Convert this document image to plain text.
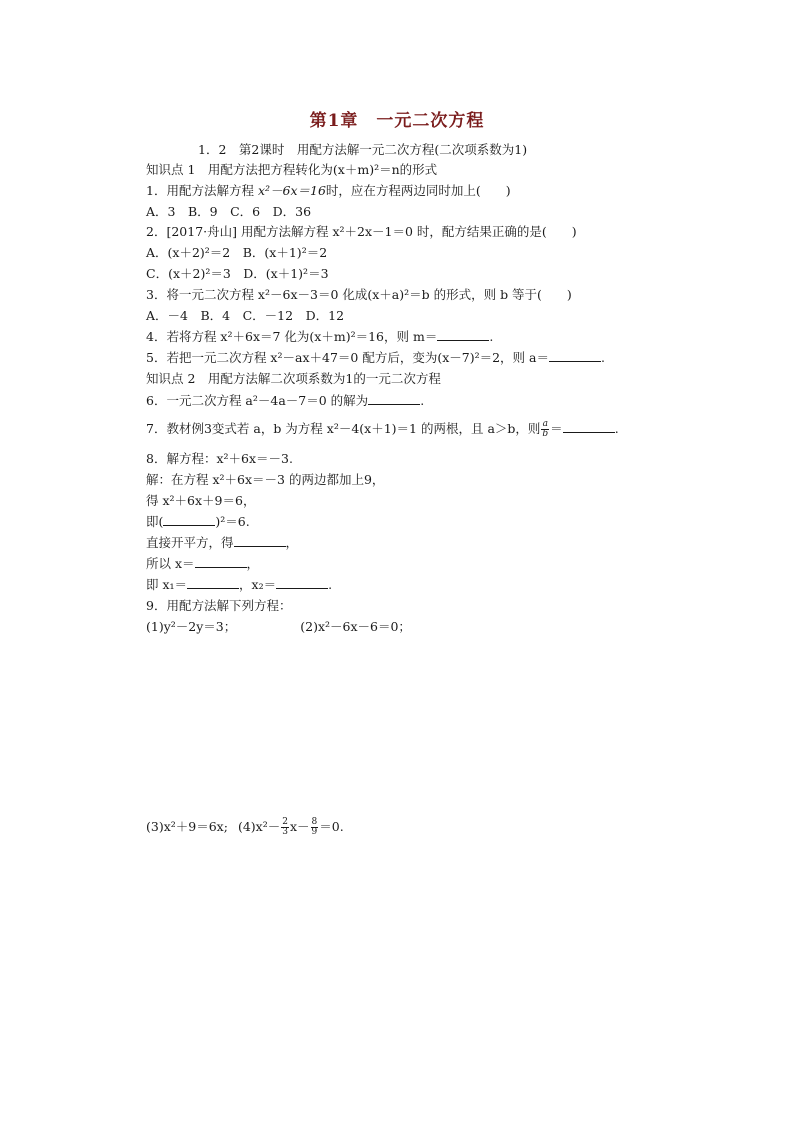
第1章　一元二次方程
1．2　第2课时　用配方法解一元二次方程(二次项系数为1)
知识点 1　用配方法把方程转化为(x＋m)²＝n的形式
1．用配方法解方程 x²－6x＝16时，应在方程两边同时加上(　　)
A．3　B．9　C．6　D．36
2．[2017·舟山] 用配方法解方程 x²＋2x－1＝0 时，配方结果正确的是(　　)
A．(x＋2)²＝2　B．(x＋1)²＝2
C．(x＋2)²＝3　D．(x＋1)²＝3
3．将一元二次方程 x²－6x－3＝0 化成(x＋a)²＝b 的形式，则 b 等于(　　)
A．－4　B．4　C．－12　D．12
4．若将方程 x²＋6x＝7 化为(x＋m)²＝16，则 m＝	.
5．若把一元二次方程 x²－ax＋47＝0 配方后，变为(x－7)²＝2，则 a＝	.
知识点 2　用配方法解二次项系数为1的一元二次方程
6．一元二次方程 a²－4a－7＝0 的解为	.
7．教材例3变式若 a，b 为方程 x²－4(x＋1)＝1 的两根，且 a＞b，则 $\frac{a}{b}$ ＝	.
8．解方程：x²＋6x＝－3.
解：在方程 x²＋6x＝－3 的两边都加上9，
得 x²＋6x＋9＝6，
即(	)²＝6.
直接开平方，得	，
所以 x＝	，
即 x₁＝	，x₂＝	.
9．用配方法解下列方程：
(1)y²－2y＝3；	(2)x²－6x－6＝0；
(3)x²＋9＝6x; $(4)x^2- \frac{2}{3} x- \frac{8}{9} =0$.
